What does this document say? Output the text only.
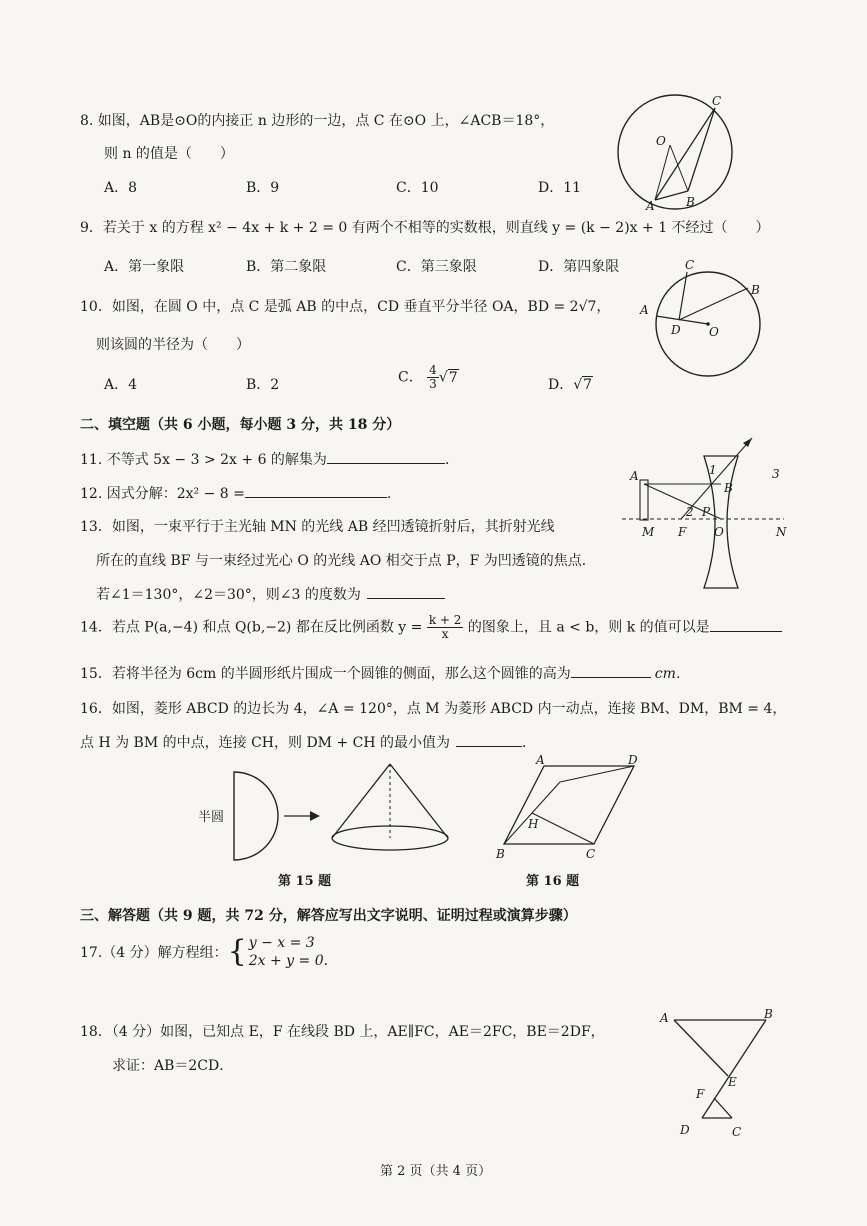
8. 如图，AB是⊙O的内接正 n 边形的一边，点 C 在⊙O 上，∠ACB＝18°，
则 n 的值是（　　）
A．8	B．9	C．10	D．11
C
O
A	B
9．若关于 x 的方程 x² − 4x + k + 2 = 0 有两个不相等的实数根，则直线 y = (k − 2)x + 1 不经过（　　）
A．第一象限	B．第二象限	C．第三象限	D．第四象限
10．如图，在圆 O 中，点 C 是弧 AB 的中点，CD 垂直平分半径 OA，BD = 2√7，
则该圆的半径为（　　）
A．4	B．2	C． $\frac{4}{3} √7$	D．√7
C
A
B
D O
二、填空题（共 6 小题，每小题 3 分，共 18 分）
11. 不等式 5x − 3 > 2x + 6 的解集为	.
12. 因式分解：2x² − 8 =	.
13．如图，一束平行于主光轴 MN 的光线 AB 经凹透镜折射后，其折射光线
所在的直线 BF 与一束经过光心 O 的光线 AO 相交于点 P，F 为凹透镜的焦点．
若∠1＝130°，∠2＝30°，则∠3 的度数为
A
B
M F O	N
P
1
2
3
14．若点 P(a,−4) 和点 Q(b,−2) 都在反比例函数 $y = \frac{k + 2}{x}$ 的图象上，且 a < b，则 k 的值可以是
15．若将半径为 6cm 的半圆形纸片围成一个圆锥的侧面，那么这个圆锥的高为	cm．
16．如图，菱形 ABCD 的边长为 4，∠A = 120°，点 M 为菱形 ABCD 内一动点，连接 BM、DM，BM = 4，
点 H 为 BM 的中点，连接 CH，则 DM + CH 的最小值为	．
半圆
第 15 题
A	D
B	C
H
第 16 题
三、解答题（共 9 题，共 72 分，解答应写出文字说明、证明过程或演算步骤）
17.（4 分）解方程组：{ y − x = 3
2x + y = 0 ．
18．（4 分）如图，已知点 E，F 在线段 BD 上，AE∥FC，AE＝2FC，BE＝2DF，
求证：AB＝2CD．
A	B
E
F
D	C
第 2 页（共 4 页）
